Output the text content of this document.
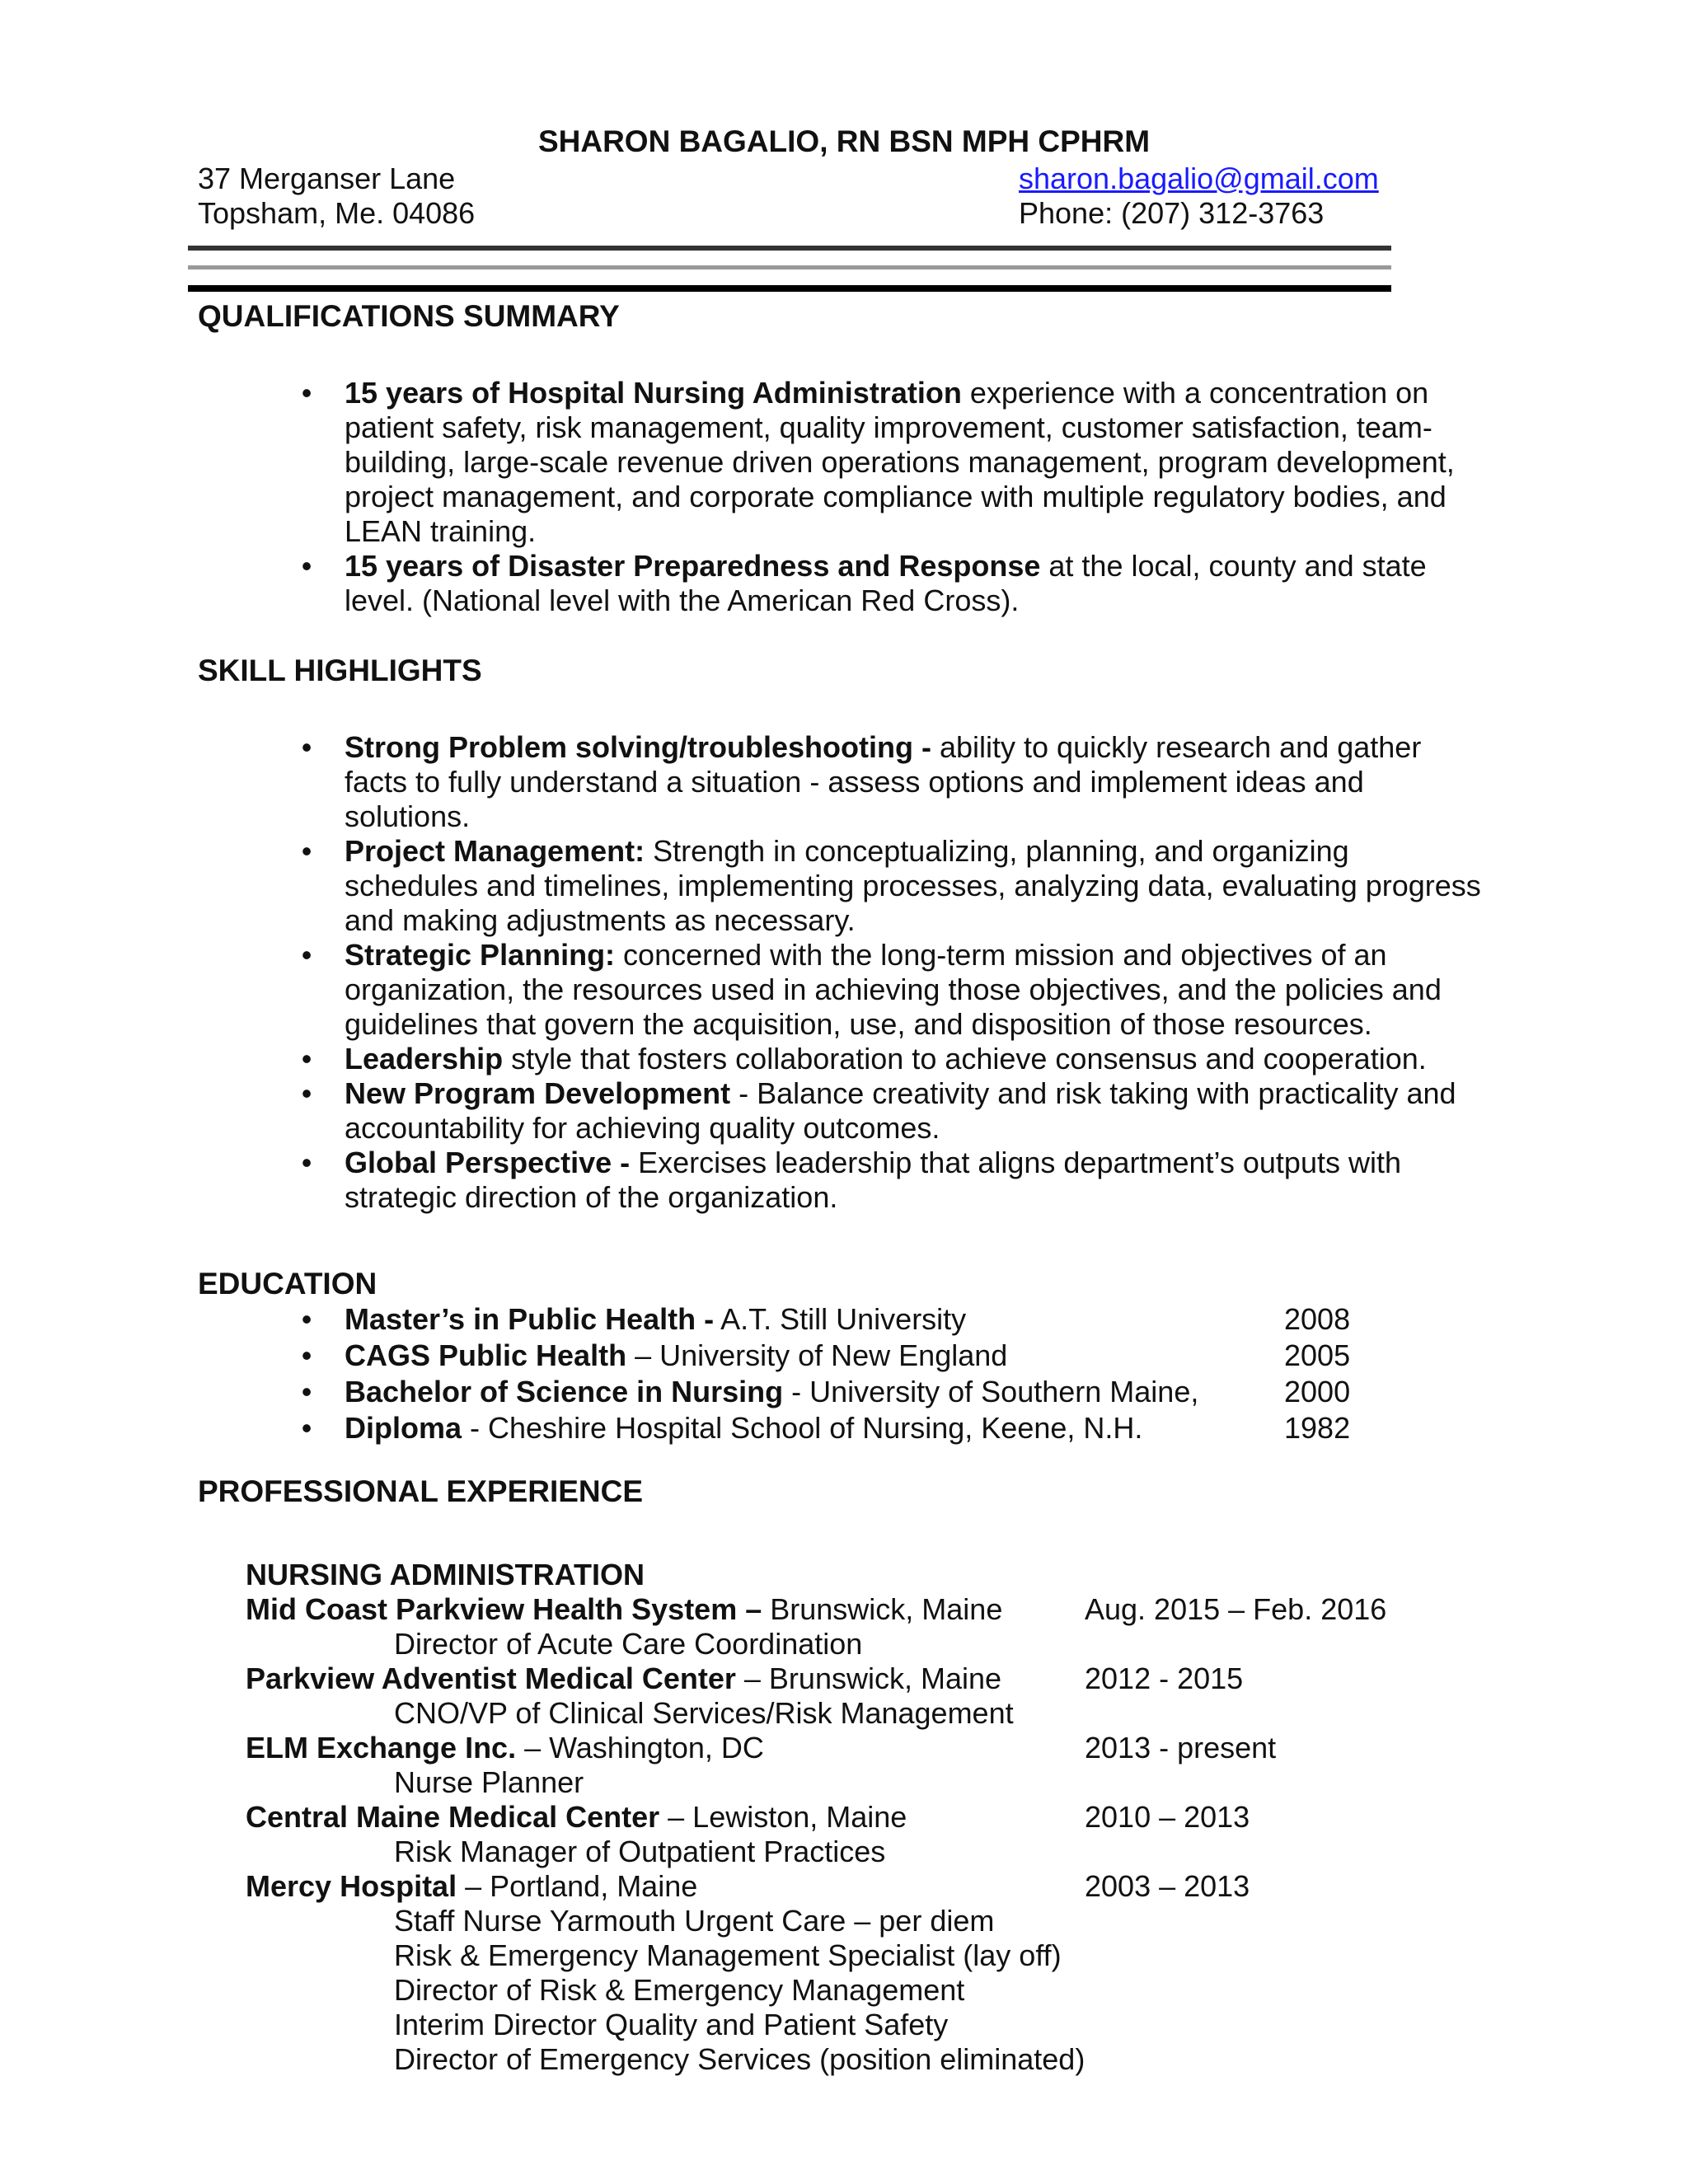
SHARON BAGALIO, RN BSN MPH CPHRM
37 Merganser Lane
Topsham, Me. 04086
sharon.bagalio@gmail.com
Phone: (207) 312-3763
QUALIFICATIONS SUMMARY
• 15 years of Hospital Nursing Administration experience with a concentration on patient safety, risk management, quality improvement, customer satisfaction, team-building, large-scale revenue driven operations management, program development, project management, and corporate compliance with multiple regulatory bodies, and LEAN training.
• 15 years of Disaster Preparedness and Response at the local, county and state level. (National level with the American Red Cross).
SKILL HIGHLIGHTS
• Strong Problem solving/troubleshooting - ability to quickly research and gather facts to fully understand a situation - assess options and implement ideas and solutions.
• Project Management: Strength in conceptualizing, planning, and organizing schedules and timelines, implementing processes, analyzing data, evaluating progress and making adjustments as necessary.
• Strategic Planning: concerned with the long-term mission and objectives of an organization, the resources used in achieving those objectives, and the policies and guidelines that govern the acquisition, use, and disposition of those resources.
• Leadership style that fosters collaboration to achieve consensus and cooperation.
• New Program Development - Balance creativity and risk taking with practicality and accountability for achieving quality outcomes.
• Global Perspective - Exercises leadership that aligns department’s outputs with strategic direction of the organization.
EDUCATION
• Master’s in Public Health - A.T. Still University	2008
• CAGS Public Health – University of New England	2005
• Bachelor of Science in Nursing - University of Southern Maine,	2000
• Diploma - Cheshire Hospital School of Nursing, Keene, N.H.	1982
PROFESSIONAL EXPERIENCE
NURSING ADMINISTRATION
Mid Coast Parkview Health System – Brunswick, Maine	Aug. 2015 – Feb. 2016
Director of Acute Care Coordination
Parkview Adventist Medical Center – Brunswick, Maine	2012 - 2015
CNO/VP of Clinical Services/Risk Management
ELM Exchange Inc. – Washington, DC	2013 - present
Nurse Planner
Central Maine Medical Center – Lewiston, Maine	2010 – 2013
Risk Manager of Outpatient Practices
Mercy Hospital – Portland, Maine	2003 – 2013
Staff Nurse Yarmouth Urgent Care – per diem
Risk & Emergency Management Specialist (lay off)
Director of Risk & Emergency Management
Interim Director Quality and Patient Safety
Director of Emergency Services (position eliminated)
